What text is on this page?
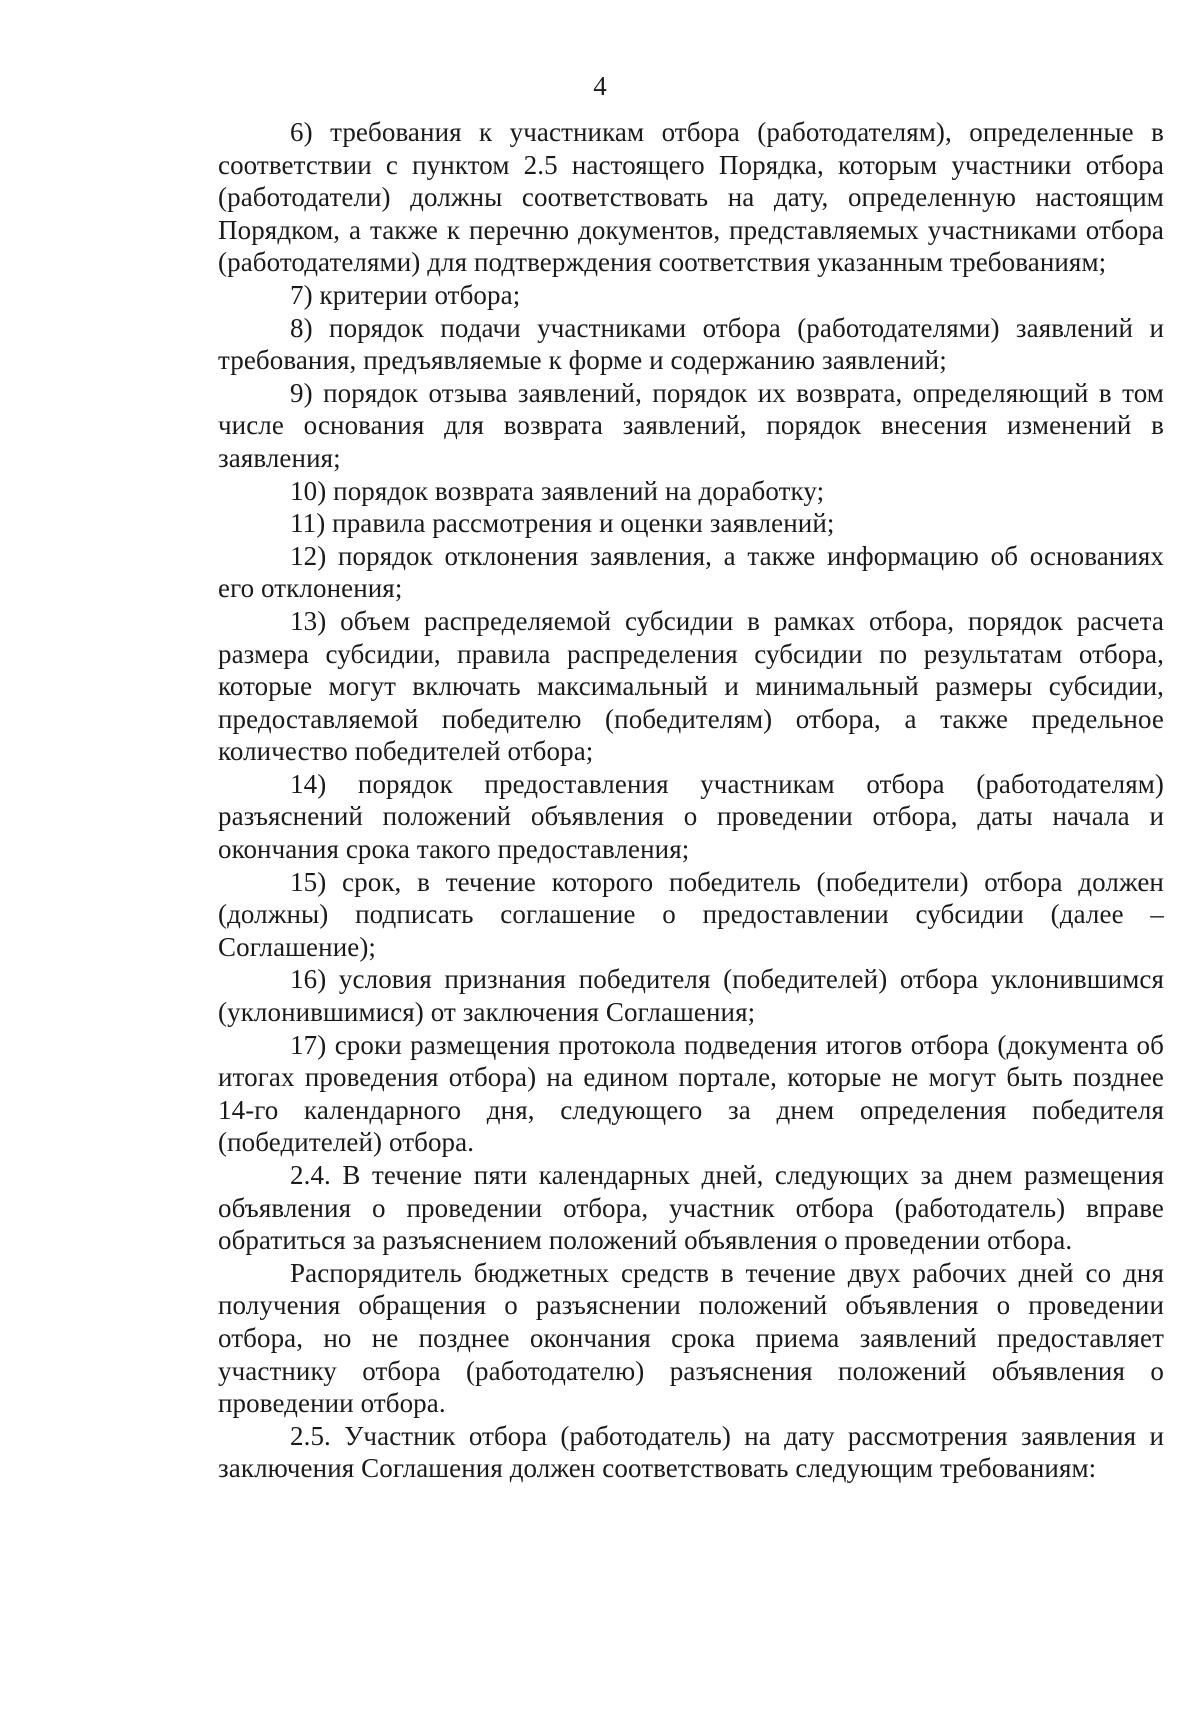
4

6) требования к участникам отбора (работодателям), определенные в соответствии с пунктом 2.5 настоящего Порядка, которым участники отбора (работодатели) должны соответствовать на дату, определенную настоящим Порядком, а также к перечню документов, представляемых участниками отбора (работодателями) для подтверждения соответствия указанным требованиям;

7) критерии отбора;

8) порядок подачи участниками отбора (работодателями) заявлений и требования, предъявляемые к форме и содержанию заявлений;

9) порядок отзыва заявлений, порядок их возврата, определяющий в том числе основания для возврата заявлений, порядок внесения изменений в заявления;

10) порядок возврата заявлений на доработку;

11) правила рассмотрения и оценки заявлений;

12) порядок отклонения заявления, а также информацию об основаниях его отклонения;

13) объем распределяемой субсидии в рамках отбора, порядок расчета размера субсидии, правила распределения субсидии по результатам отбора, которые могут включать максимальный и минимальный размеры субсидии, предоставляемой победителю (победителям) отбора, а также предельное количество победителей отбора;

14) порядок предоставления участникам отбора (работодателям) разъяснений положений объявления о проведении отбора, даты начала и окончания срока такого предоставления;

15) срок, в течение которого победитель (победители) отбора должен (должны) подписать соглашение о предоставлении субсидии (далее – Соглашение);

16) условия признания победителя (победителей) отбора уклонившимся (уклонившимися) от заключения Соглашения;

17) сроки размещения протокола подведения итогов отбора (документа об итогах проведения отбора) на едином портале, которые не могут быть позднее 14-го календарного дня, следующего за днем определения победителя (победителей) отбора.

2.4. В течение пяти календарных дней, следующих за днем размещения объявления о проведении отбора, участник отбора (работодатель) вправе обратиться за разъяснением положений объявления о проведении отбора.

Распорядитель бюджетных средств в течение двух рабочих дней со дня получения обращения о разъяснении положений объявления о проведении отбора, но не позднее окончания срока приема заявлений предоставляет участнику отбора (работодателю) разъяснения положений объявления о проведении отбора.

2.5. Участник отбора (работодатель) на дату рассмотрения заявления и заключения Соглашения должен соответствовать следующим требованиям:
